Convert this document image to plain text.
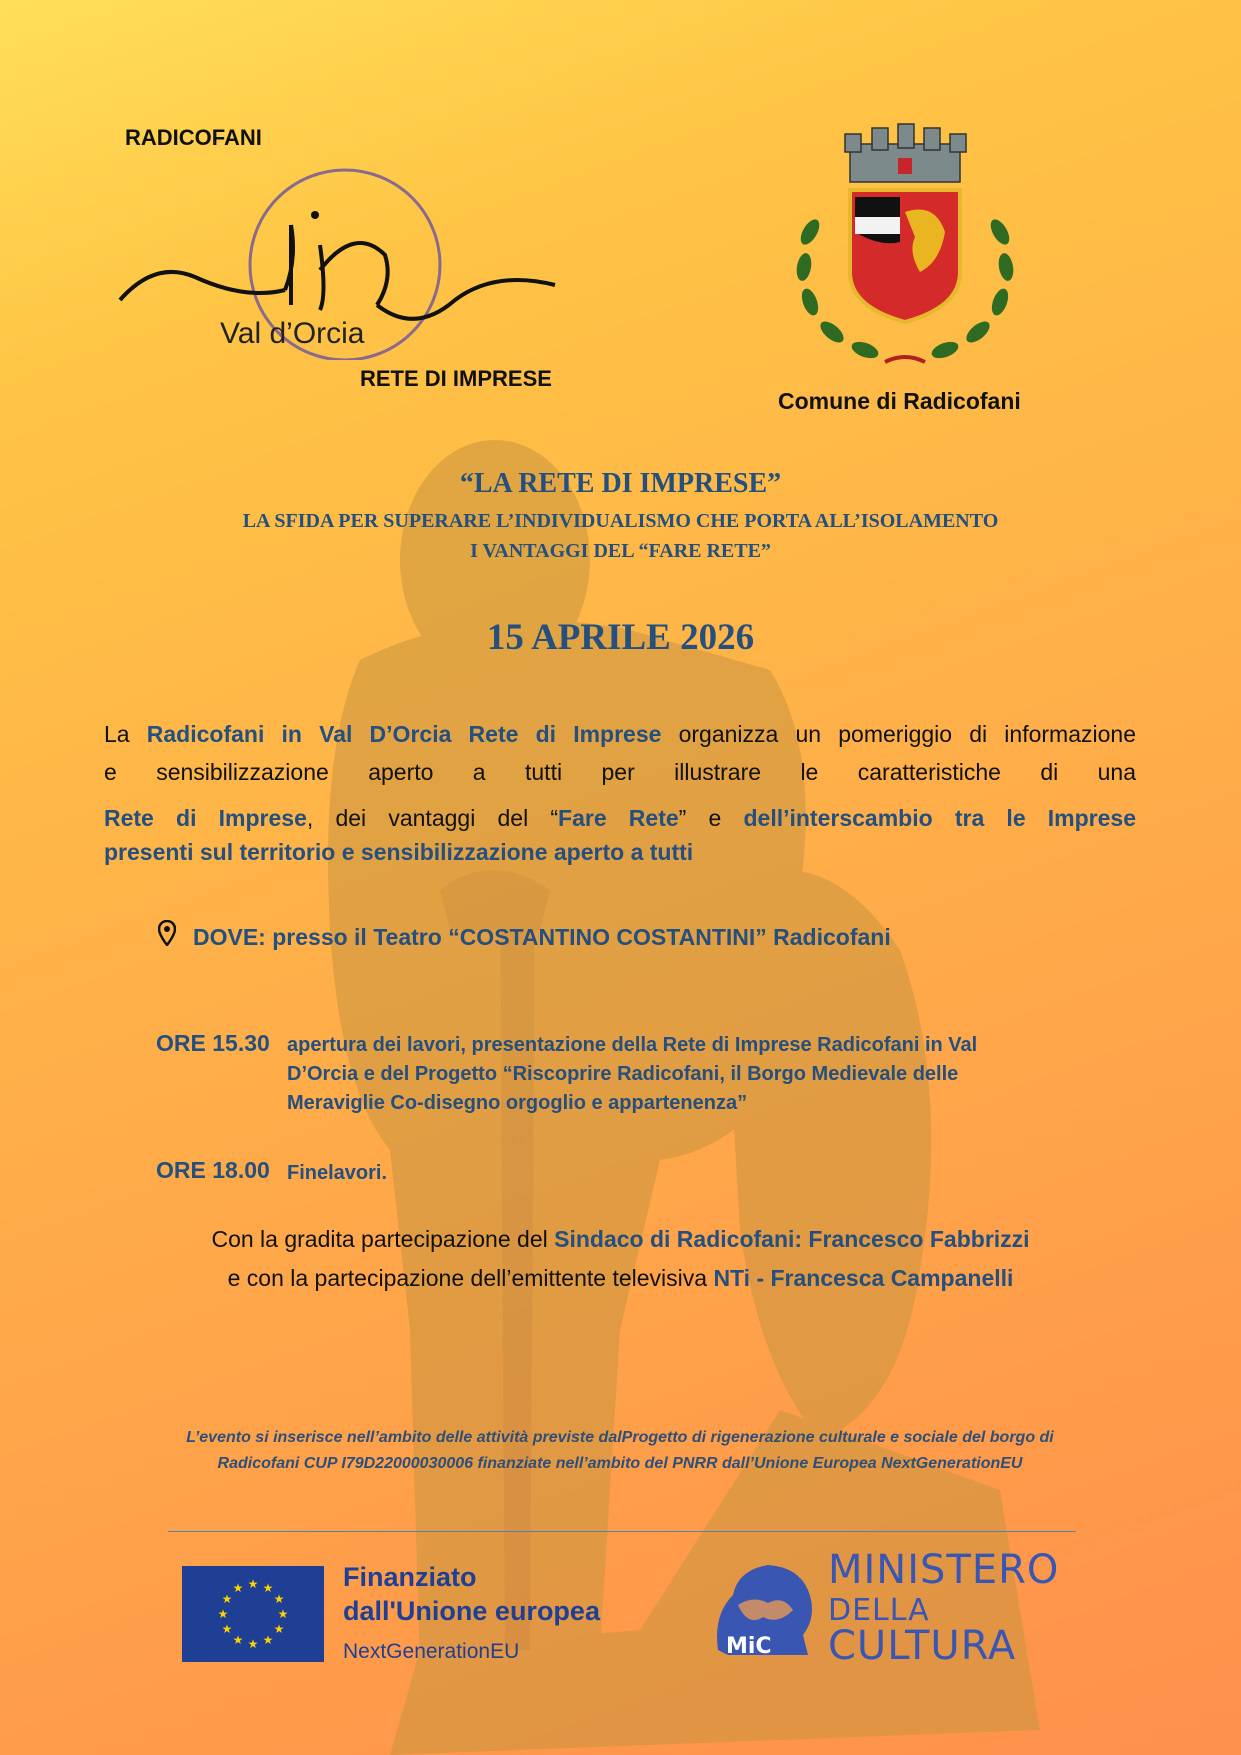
RADICOFANI
Val d’Orcia
RETE DI IMPRESE
Comune di Radicofani
“LA RETE DI IMPRESE”
LA SFIDA PER SUPERARE L’INDIVIDUALISMO CHE PORTA ALL’ISOLAMENTO
I VANTAGGI DEL “FARE RETE”
15 APRILE 2026
La Radicofani in Val D’Orcia Rete di Imprese organizza un pomeriggio di informazione
e sensibilizzazione aperto a tutti per illustrare le caratteristiche di una
Rete di Imprese, dei vantaggi del “Fare Rete” e dell’interscambio tra le Imprese
presenti sul territorio e sensibilizzazione aperto a tutti
DOVE: presso il Teatro “COSTANTINO COSTANTINI” Radicofani
ORE 15.30 apertura dei lavori, presentazione della Rete di Imprese Radicofani in Val
D’Orcia e del Progetto “Riscoprire Radicofani, il Borgo Medievale delle
Meraviglie Co-disegno orgoglio e appartenenza”
ORE 18.00 Finelavori.
Con la gradita partecipazione del Sindaco di Radicofani: Francesco Fabbrizzi
e con la partecipazione dell’emittente televisiva NTi - Francesca Campanelli
L’evento si inserisce nell’ambito delle attività previste dalProgetto di rigenerazione culturale e sociale del borgo di
Radicofani CUP I79D22000030006 finanziate nell’ambito del PNRR dall’Unione Europea NextGenerationEU
★ ★
★
★
★
★
★
★
★
★
★
★	Finanziato
dall'Unione europea
NextGenerationEU	MiC
MINISTERO
DELLA
CULTURA
